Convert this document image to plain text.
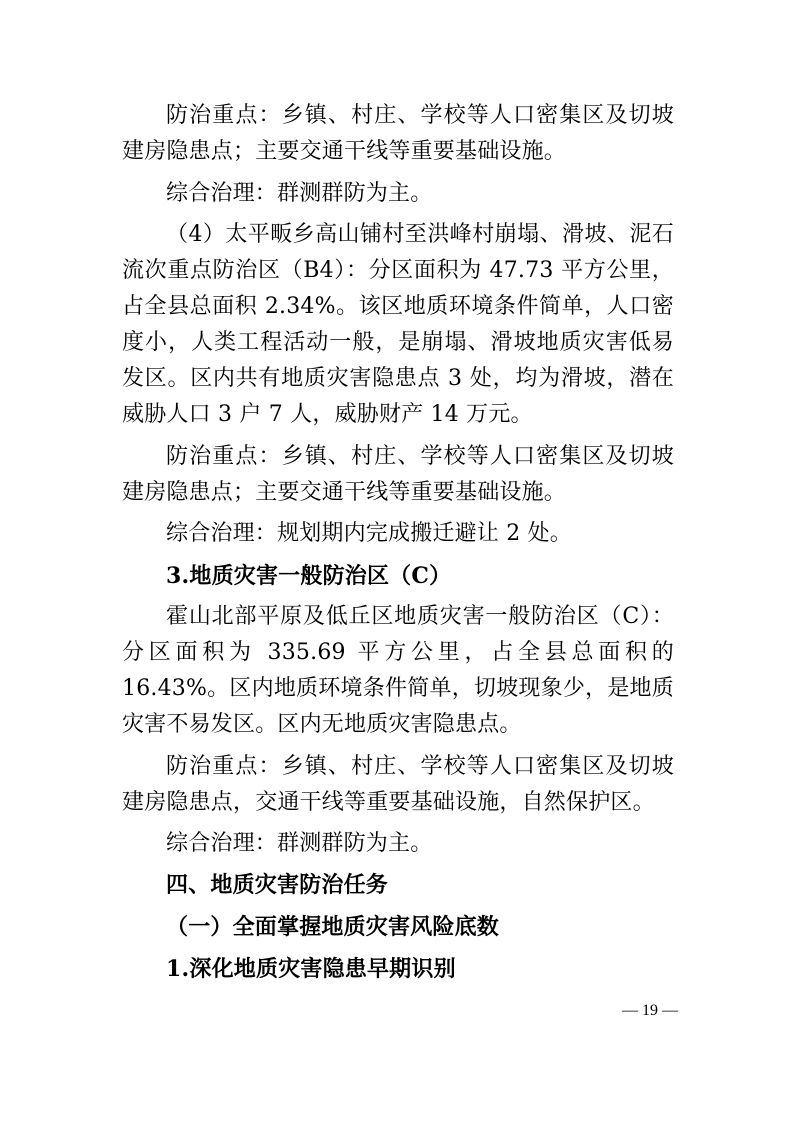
防治重点：乡镇、村庄、学校等人口密集区及切坡建房隐患点；主要交通干线等重要基础设施。

综合治理：群测群防为主。

（4）太平畈乡高山铺村至洪峰村崩塌、滑坡、泥石流次重点防治区（B4）：分区面积为 47.73 平方公里，占全县总面积 2.34%。该区地质环境条件简单，人口密度小，人类工程活动一般，是崩塌、滑坡地质灾害低易发区。区内共有地质灾害隐患点 3 处，均为滑坡，潜在威胁人口 3 户 7 人，威胁财产 14 万元。

防治重点：乡镇、村庄、学校等人口密集区及切坡建房隐患点；主要交通干线等重要基础设施。

综合治理：规划期内完成搬迁避让 2 处。

3.地质灾害一般防治区（C）

霍山北部平原及低丘区地质灾害一般防治区（C）：分区面积为 335.69 平方公里，占全县总面积的 16.43%。区内地质环境条件简单，切坡现象少，是地质灾害不易发区。区内无地质灾害隐患点。

防治重点：乡镇、村庄、学校等人口密集区及切坡建房隐患点，交通干线等重要基础设施，自然保护区。

综合治理：群测群防为主。

四、地质灾害防治任务

（一）全面掌握地质灾害风险底数

1.深化地质灾害隐患早期识别

— 19 —
